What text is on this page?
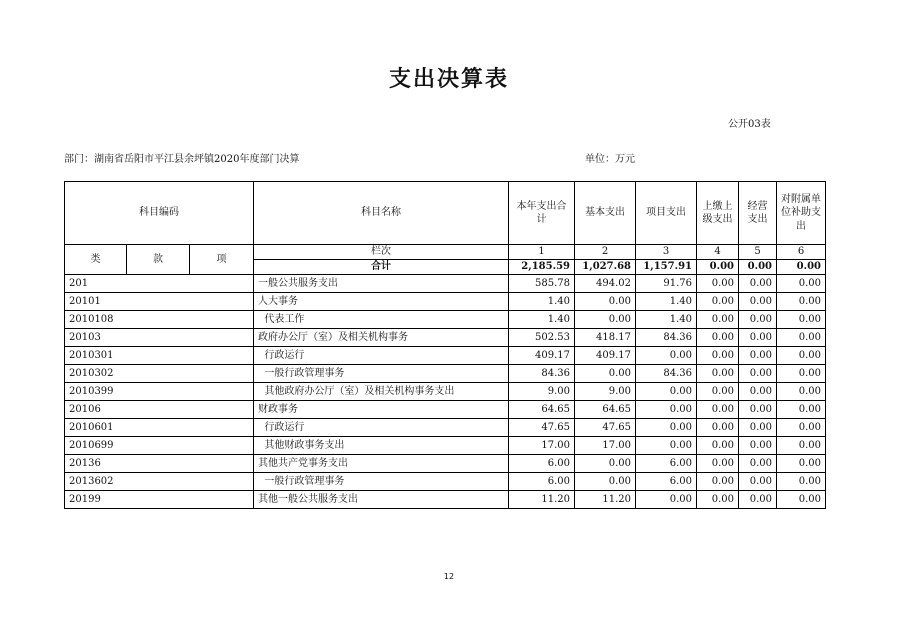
支出决算表
公开03表
部门：湖南省岳阳市平江县余坪镇2020年度部门决算	单位：万元
科目编码			科目名称	本年支出合计	基本支出	项目支出	上缴上级支出	经营支出	对附属单位补助支出
类	款	项	栏次	1	2	3	4	5	6
			合计	2,185.59	1,027.68	1,157.91	0.00	0.00	0.00
201			一般公共服务支出	585.78	494.02	91.76	0.00	0.00	0.00
20101			人大事务	1.40	0.00	1.40	0.00	0.00	0.00
2010108			代表工作	1.40	0.00	1.40	0.00	0.00	0.00
20103			政府办公厅（室）及相关机构事务	502.53	418.17	84.36	0.00	0.00	0.00
2010301			行政运行	409.17	409.17	0.00	0.00	0.00	0.00
2010302			一般行政管理事务	84.36	0.00	84.36	0.00	0.00	0.00
2010399			其他政府办公厅（室）及相关机构事务支出	9.00	9.00	0.00	0.00	0.00	0.00
20106			财政事务	64.65	64.65	0.00	0.00	0.00	0.00
2010601			行政运行	47.65	47.65	0.00	0.00	0.00	0.00
2010699			其他财政事务支出	17.00	17.00	0.00	0.00	0.00	0.00
20136			其他共产党事务支出	6.00	0.00	6.00	0.00	0.00	0.00
2013602			一般行政管理事务	6.00	0.00	6.00	0.00	0.00	0.00
20199			其他一般公共服务支出	11.20	11.20	0.00	0.00	0.00	0.00
12
